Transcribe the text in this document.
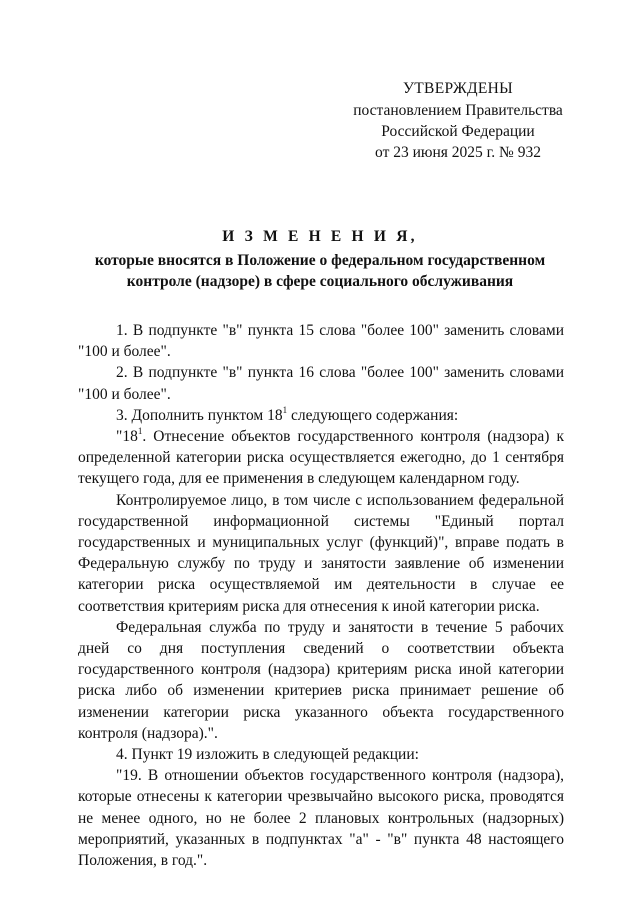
УТВЕРЖДЕНЫ
постановлением Правительства
Российской Федерации
от 23 июня 2025 г. № 932
И З М Е Н Е Н И Я,
которые вносятся в Положение о федеральном государственном
контроле (надзоре) в сфере социального обслуживания

1. В подпункте "в" пункта 15 слова "более 100" заменить словами "100 и более".

2. В подпункте "в" пункта 16 слова "более 100" заменить словами "100 и более".

3. Дополнить пунктом $18^1$ следующего содержания:

"$18^1$. Отнесение объектов государственного контроля (надзора) к определенной категории риска осуществляется ежегодно, до 1 сентября текущего года, для ее применения в следующем календарном году.

Контролируемое лицо, в том числе с использованием федеральной государственной информационной системы "Единый портал государственных и муниципальных услуг (функций)", вправе подать в Федеральную службу по труду и занятости заявление об изменении категории риска осуществляемой им деятельности в случае ее соответствия критериям риска для отнесения к иной категории риска.

Федеральная служба по труду и занятости в течение 5 рабочих дней со дня поступления сведений о соответствии объекта государственного контроля (надзора) критериям риска иной категории риска либо об изменении критериев риска принимает решение об изменении категории риска указанного объекта государственного контроля (надзора).".

4. Пункт 19 изложить в следующей редакции:

"19. В отношении объектов государственного контроля (надзора), которые отнесены к категории чрезвычайно высокого риска, проводятся не менее одного, но не более 2 плановых контрольных (надзорных) мероприятий, указанных в подпунктах "а" - "в" пункта 48 настоящего Положения, в год.".
